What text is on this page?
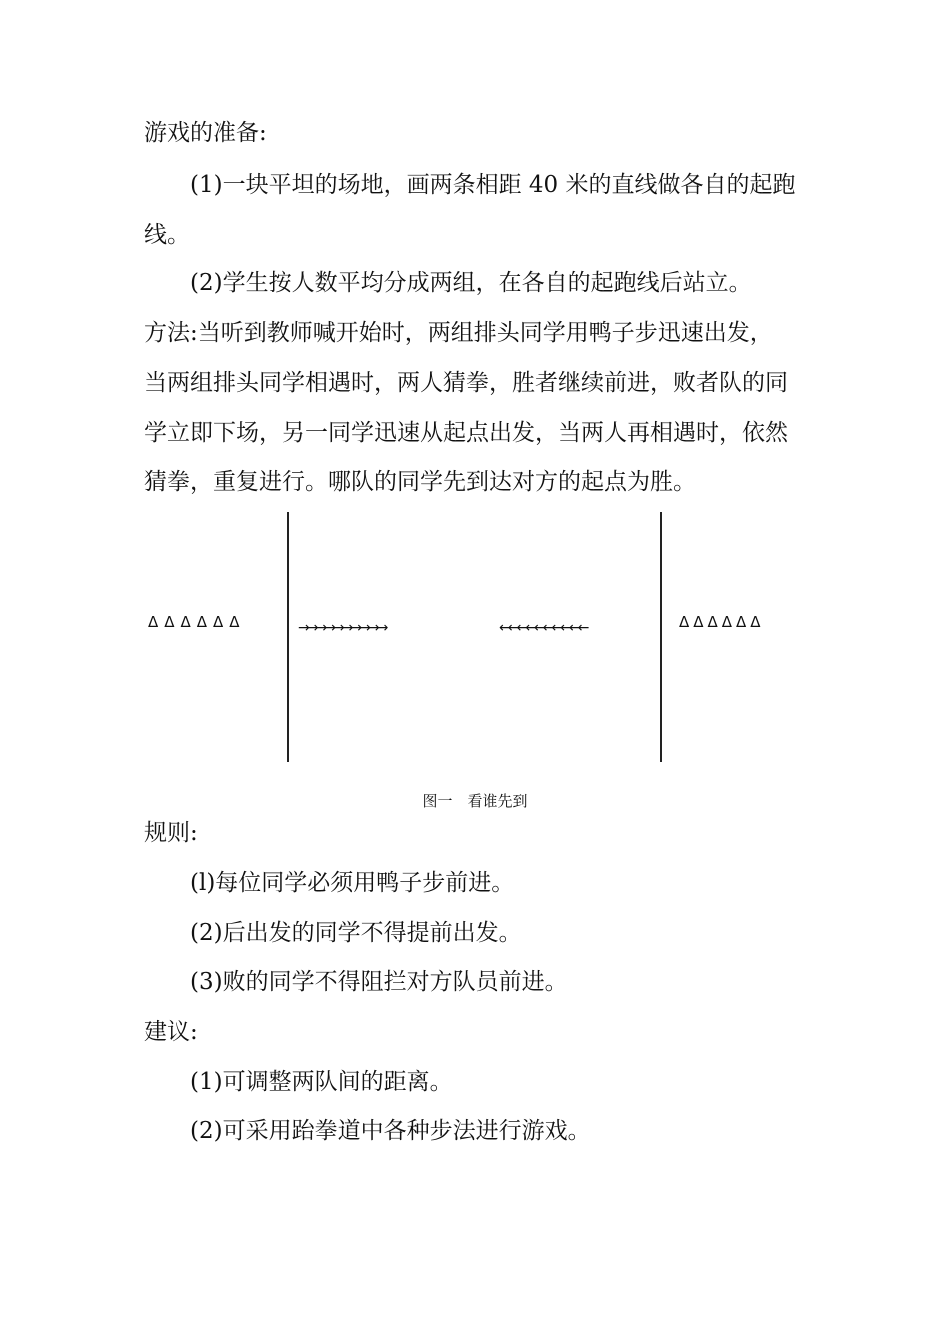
游戏的准备:
(1)一块平坦的场地，画两条相距 40 米的直线做各自的起跑
线。
(2)学生按人数平均分成两组，在各自的起跑线后站立。
方法:当听到教师喊开始时，两组排头同学用鸭子步迅速出发，
当两组排头同学相遇时，两人猜拳，胜者继续前进，败者队的同
学立即下场，另一同学迅速从起点出发，当两人再相遇时，依然
猜拳，重复进行。哪队的同学先到达对方的起点为胜。
ΔΔΔΔΔΔ	ΔΔΔΔΔΔ
→→→→→→→→→→	←←←←←←←←←←
图一　看谁先到
规则:
(l)每位同学必须用鸭子步前进。
(2)后出发的同学不得提前出发。
(3)败的同学不得阻拦对方队员前进。
建议:
(1)可调整两队间的距离。
(2)可采用跆拳道中各种步法进行游戏。
